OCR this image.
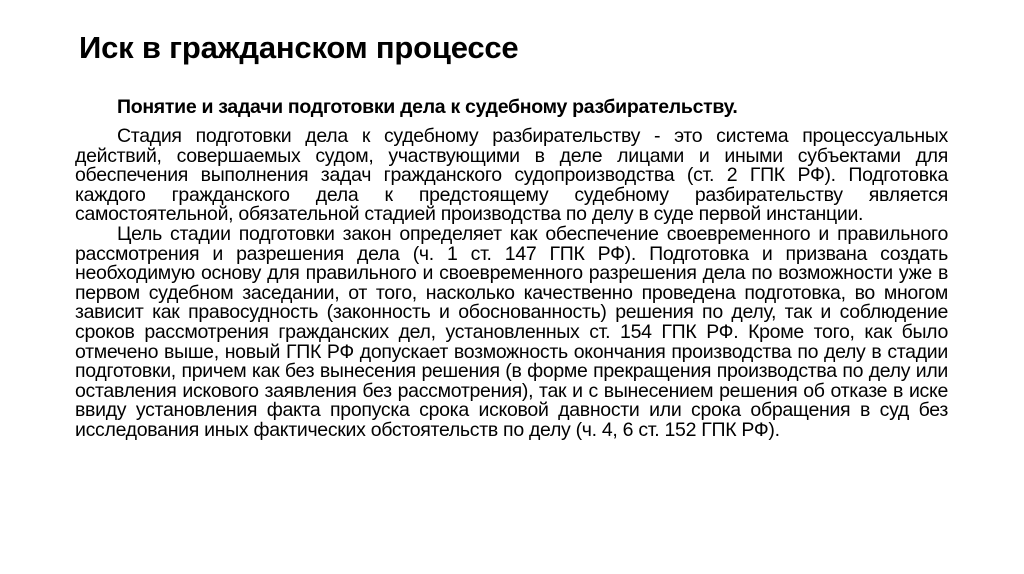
Иск в гражданском процессе

Понятие и задачи подготовки дела к судебному разбирательству.

Стадия подготовки дела к судебному разбирательству - это система процессуальных действий, совершаемых судом, участвующими в деле лицами и иными субъектами для обеспечения выполнения задач гражданского судопроизводства (ст. 2 ГПК РФ). Подготовка каждого гражданского дела к предстоящему судебному разбирательству является самостоятельной, обязательной стадией производства по делу в суде первой инстанции.

Цель стадии подготовки закон определяет как обеспечение своевременного и правильного рассмотрения и разрешения дела (ч. 1 ст. 147 ГПК РФ). Подготовка и призвана создать необходимую основу для правильного и своевременного разрешения дела по возможности уже в первом судебном заседании, от того, насколько качественно проведена подготовка, во многом зависит как правосудность (законность и обоснованность) решения по делу, так и соблюдение сроков рассмотрения гражданских дел, установленных ст. 154 ГПК РФ. Кроме того, как было отмечено выше, новый ГПК РФ допускает возможность окончания производства по делу в стадии подготовки, причем как без вынесения решения (в форме прекращения производства по делу или оставления искового заявления без рассмотрения), так и с вынесением решения об отказе в иске ввиду установления факта пропуска срока исковой давности или срока обращения в суд без исследования иных фактических обстоятельств по делу (ч. 4, 6 ст. 152 ГПК РФ).
